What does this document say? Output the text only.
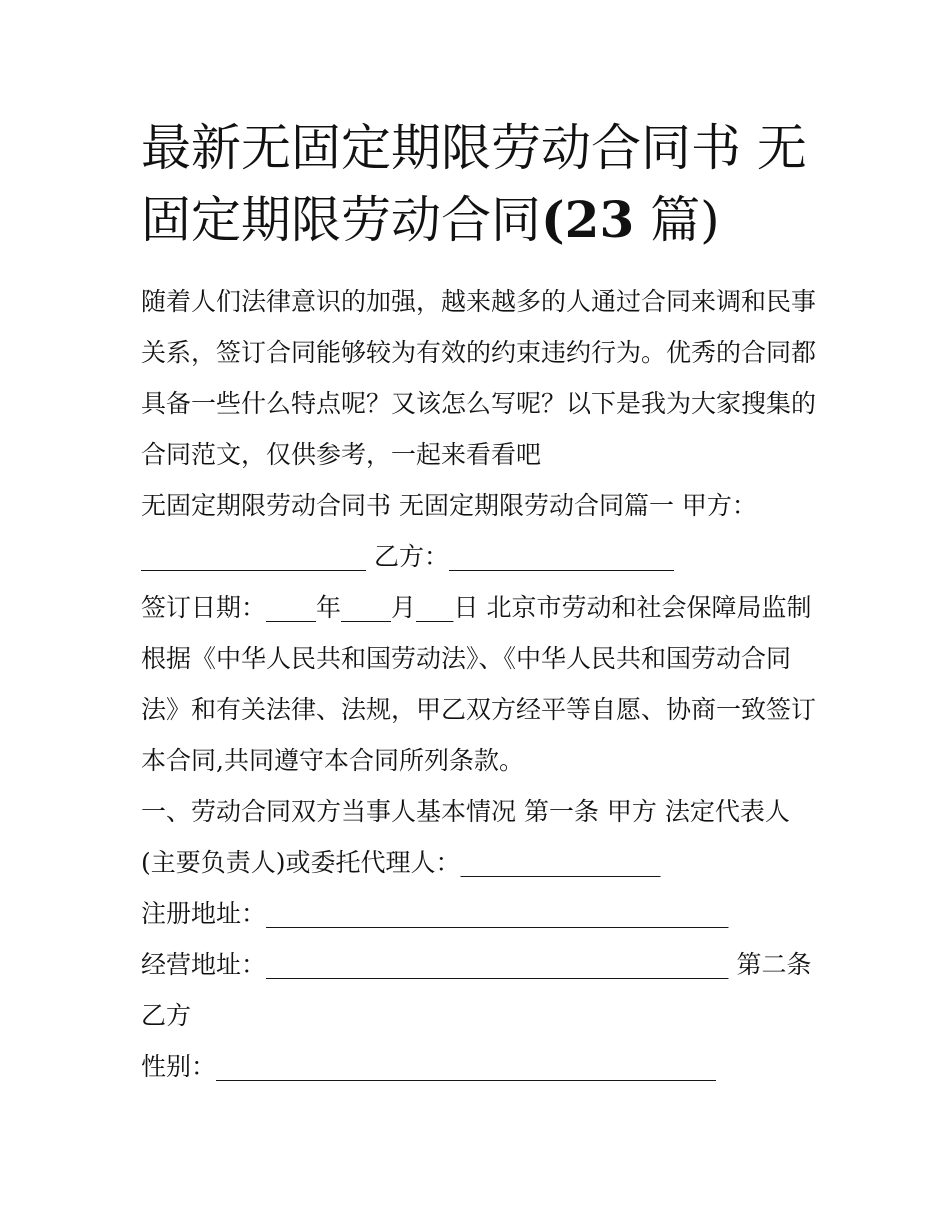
最新无固定期限劳动合同书 无
固定期限劳动合同(23 篇)
随着人们法律意识的加强，越来越多的人通过合同来调和民事
关系，签订合同能够较为有效的约束违约行为。优秀的合同都
具备一些什么特点呢？又该怎么写呢？以下是我为大家搜集的
合同范文，仅供参考，一起来看看吧
无固定期限劳动合同书 无固定期限劳动合同篇一 甲方：
__________________ 乙方：__________________
签订日期：____年____月___日 北京市劳动和社会保障局监制
根据《中华人民共和国劳动法》、《中华人民共和国劳动合同
法》和有关法律、法规，甲乙双方经平等自愿、协商一致签订
本合同,共同遵守本合同所列条款。
一、劳动合同双方当事人基本情况 第一条 甲方 法定代表人
(主要负责人)或委托代理人：________________
注册地址：_____________________________________
经营地址：_____________________________________ 第二条
乙方
性别：________________________________________
